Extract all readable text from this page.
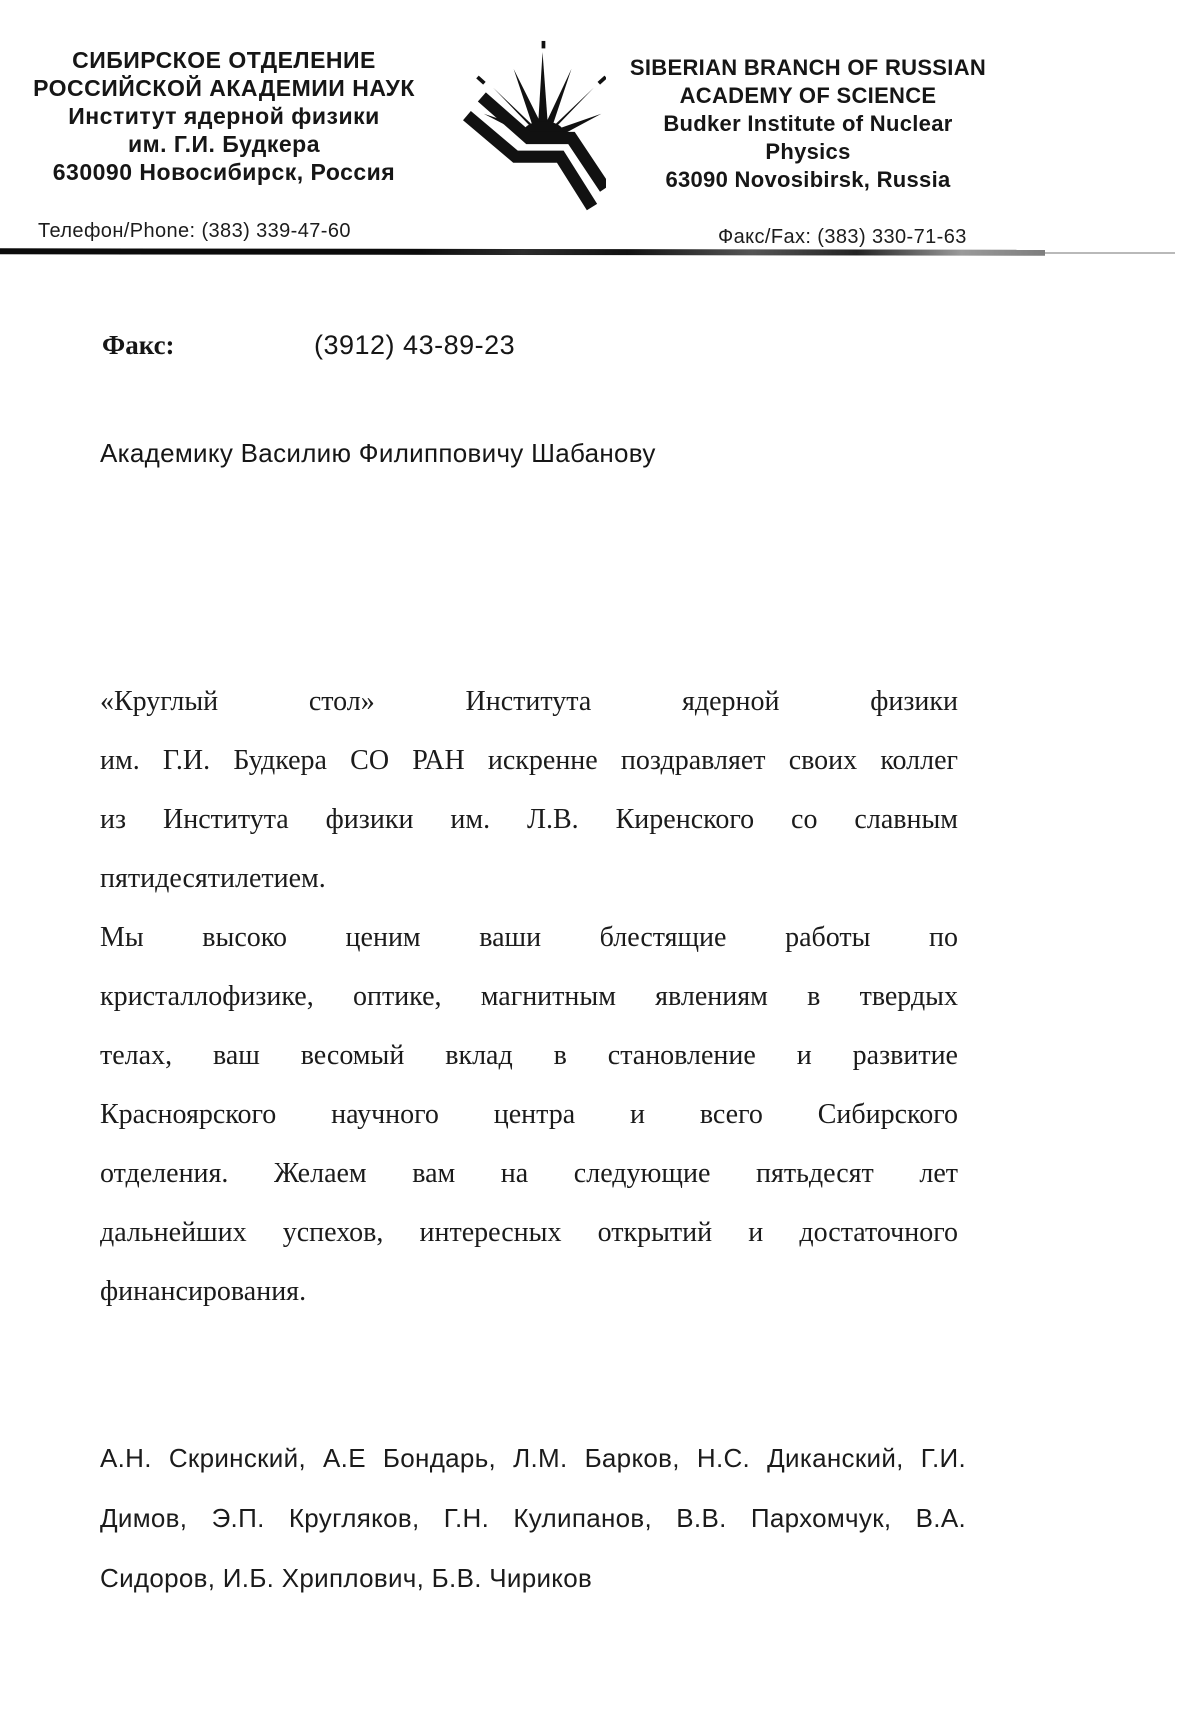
СИБИРСКОЕ ОТДЕЛЕНИЕ
РОССИЙСКОЙ АКАДЕМИИ НАУК
Институт ядерной физики
им. Г.И. Будкера
630090 Новосибирск, Россия
SIBERIAN BRANCH OF RUSSIAN
ACADEMY OF SCIENCE
Budker Institute of Nuclear
Physics
63090 Novosibirsk, Russia
Телефон/Phone: (383) 339-47-60	Факс/Fax: (383) 330-71-63
Факс:	(3912) 43-89-23
Академику Василию Филипповичу Шабанову
«Круглый стол» Института ядерной физики
им. Г.И. Будкера СО РАН искренне поздравляет своих коллег
из Института физики им. Л.В. Киренского со славным
пятидесятилетием.
Мы высоко ценим ваши блестящие работы по
кристаллофизике, оптике, магнитным явлениям в твердых
телах, ваш весомый вклад в становление и развитие
Красноярского научного центра и всего Сибирского
отделения. Желаем вам на следующие пятьдесят лет
дальнейших успехов, интересных открытий и достаточного
финансирования.
А.Н. Скринский, А.Е Бондарь, Л.М. Барков, Н.С. Диканский, Г.И.
Димов, Э.П. Кругляков, Г.Н. Кулипанов, В.В. Пархомчук, В.А.
Сидоров, И.Б. Хриплович, Б.В. Чириков
